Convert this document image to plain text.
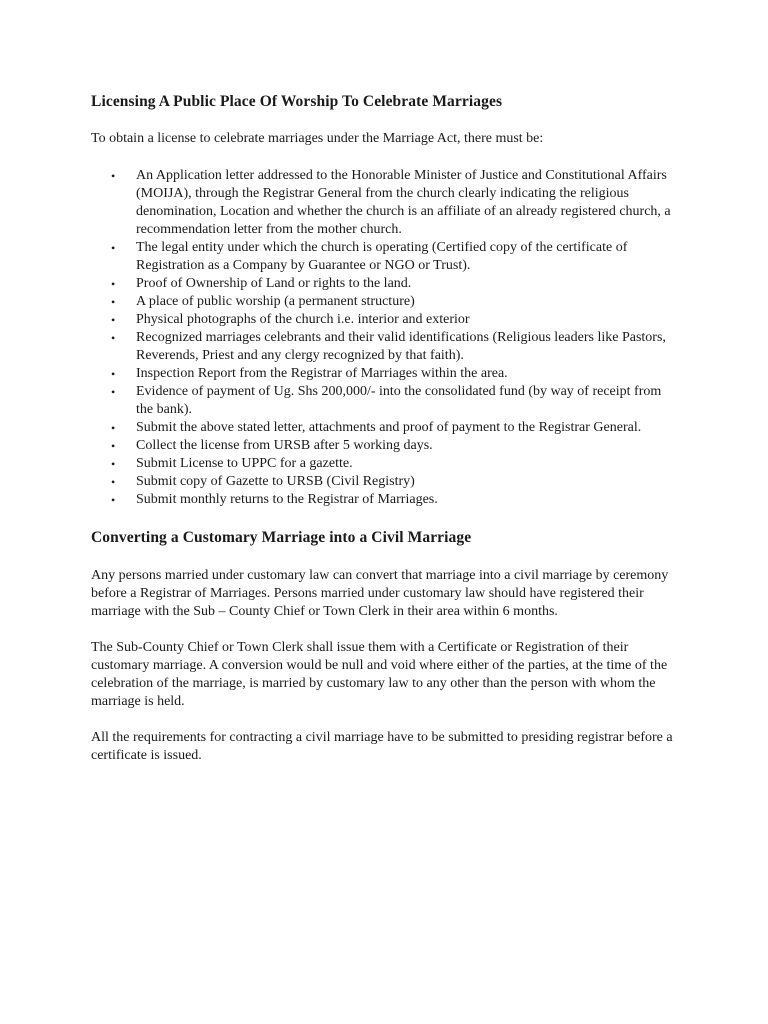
Licensing A Public Place Of Worship To Celebrate Marriages

To obtain a license to celebrate marriages under the Marriage Act, there must be:

• An Application letter addressed to the Honorable Minister of Justice and Constitutional Affairs (MOIJA), through the Registrar General from the church clearly indicating the religious denomination, Location and whether the church is an affiliate of an already registered church, a recommendation letter from the mother church.
• The legal entity under which the church is operating (Certified copy of the certificate of Registration as a Company by Guarantee or NGO or Trust).
• Proof of Ownership of Land or rights to the land.
• A place of public worship (a permanent structure)
• Physical photographs of the church i.e. interior and exterior
• Recognized marriages celebrants and their valid identifications (Religious leaders like Pastors, Reverends, Priest and any clergy recognized by that faith).
• Inspection Report from the Registrar of Marriages within the area.
• Evidence of payment of Ug. Shs 200,000/- into the consolidated fund (by way of receipt from the bank).
• Submit the above stated letter, attachments and proof of payment to the Registrar General.
• Collect the license from URSB after 5 working days.
• Submit License to UPPC for a gazette.
• Submit copy of Gazette to URSB (Civil Registry)
• Submit monthly returns to the Registrar of Marriages.
Converting a Customary Marriage into a Civil Marriage

Any persons married under customary law can convert that marriage into a civil marriage by ceremony before a Registrar of Marriages. Persons married under customary law should have registered their marriage with the Sub – County Chief or Town Clerk in their area within 6 months.

The Sub-County Chief or Town Clerk shall issue them with a Certificate or Registration of their customary marriage. A conversion would be null and void where either of the parties, at the time of the celebration of the marriage, is married by customary law to any other than the person with whom the marriage is held.

All the requirements for contracting a civil marriage have to be submitted to presiding registrar before a certificate is issued.
